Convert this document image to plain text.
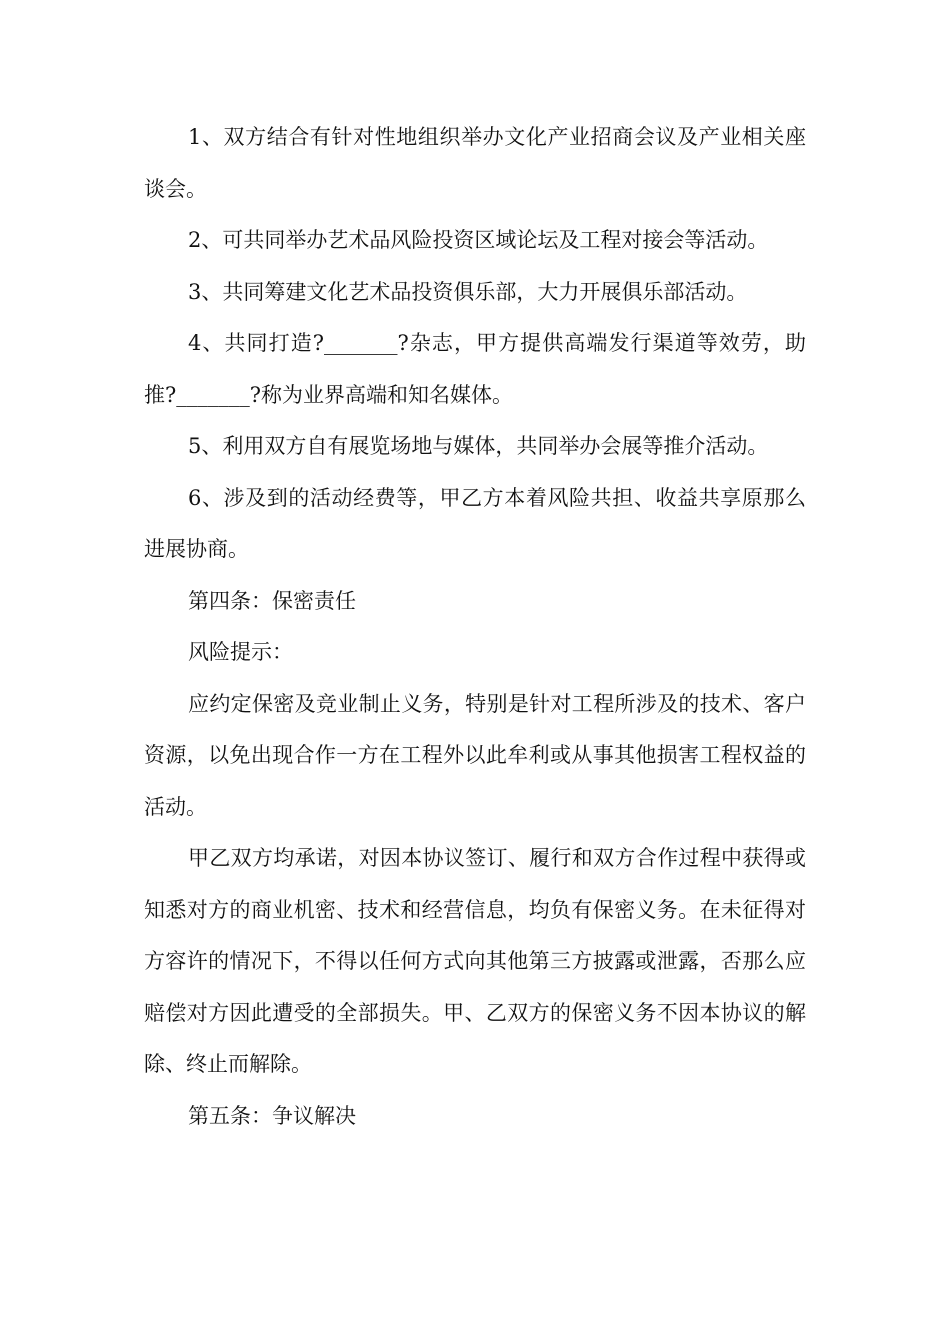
1、双方结合有针对性地组织举办文化产业招商会议及产业相关座谈会。

2、可共同举办艺术品风险投资区域论坛及工程对接会等活动。

3、共同筹建文化艺术品投资俱乐部，大力开展俱乐部活动。

4、共同打造?_______?杂志，甲方提供高端发行渠道等效劳，助推?_______?称为业界高端和知名媒体。

5、利用双方自有展览场地与媒体，共同举办会展等推介活动。

6、涉及到的活动经费等，甲乙方本着风险共担、收益共享原那么进展协商。

第四条：保密责任

风险提示：

应约定保密及竞业制止义务，特别是针对工程所涉及的技术、客户资源，以免出现合作一方在工程外以此牟利或从事其他损害工程权益的活动。

甲乙双方均承诺，对因本协议签订、履行和双方合作过程中获得或知悉对方的商业机密、技术和经营信息，均负有保密义务。在未征得对方容许的情况下，不得以任何方式向其他第三方披露或泄露，否那么应赔偿对方因此遭受的全部损失。甲、乙双方的保密义务不因本协议的解除、终止而解除。

第五条：争议解决
